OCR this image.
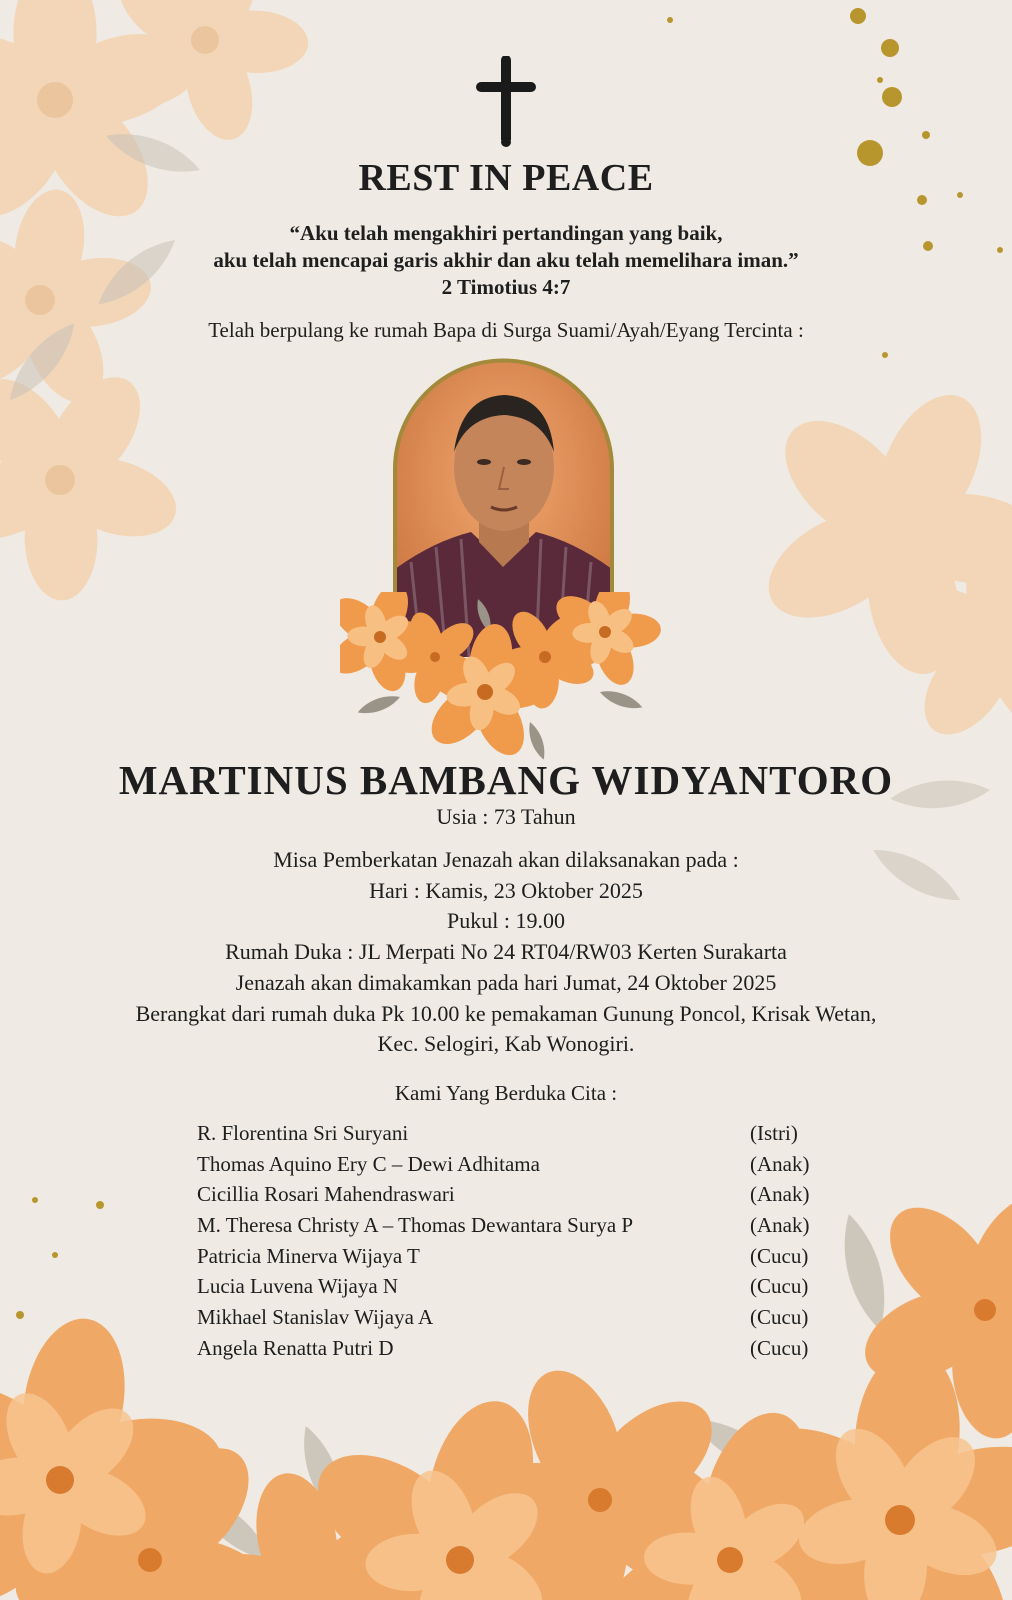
REST IN PEACE
“Aku telah mengakhiri pertandingan yang baik,
aku telah mencapai garis akhir dan aku telah memelihara iman.”
2 Timotius 4:7
Telah berpulang ke rumah Bapa di Surga Suami/Ayah/Eyang Tercinta :
MARTINUS BAMBANG WIDYANTORO
Usia : 73 Tahun
Misa Pemberkatan Jenazah akan dilaksanakan pada :
Hari : Kamis, 23 Oktober 2025
Pukul : 19.00
Rumah Duka : JL Merpati No 24 RT04/RW03 Kerten Surakarta
Jenazah akan dimakamkan pada hari Jumat, 24 Oktober 2025
Berangkat dari rumah duka Pk 10.00 ke pemakaman Gunung Poncol, Krisak Wetan,
Kec. Selogiri, Kab Wonogiri.
Kami Yang Berduka Cita :
R. Florentina Sri Suryani	(Istri)
Thomas Aquino Ery C – Dewi Adhitama	(Anak)
Cicillia Rosari Mahendraswari	(Anak)
M. Theresa Christy A – Thomas Dewantara Surya P	(Anak)
Patricia Minerva Wijaya T	(Cucu)
Lucia Luvena Wijaya N	(Cucu)
Mikhael Stanislav Wijaya A	(Cucu)
Angela Renatta Putri D	(Cucu)
